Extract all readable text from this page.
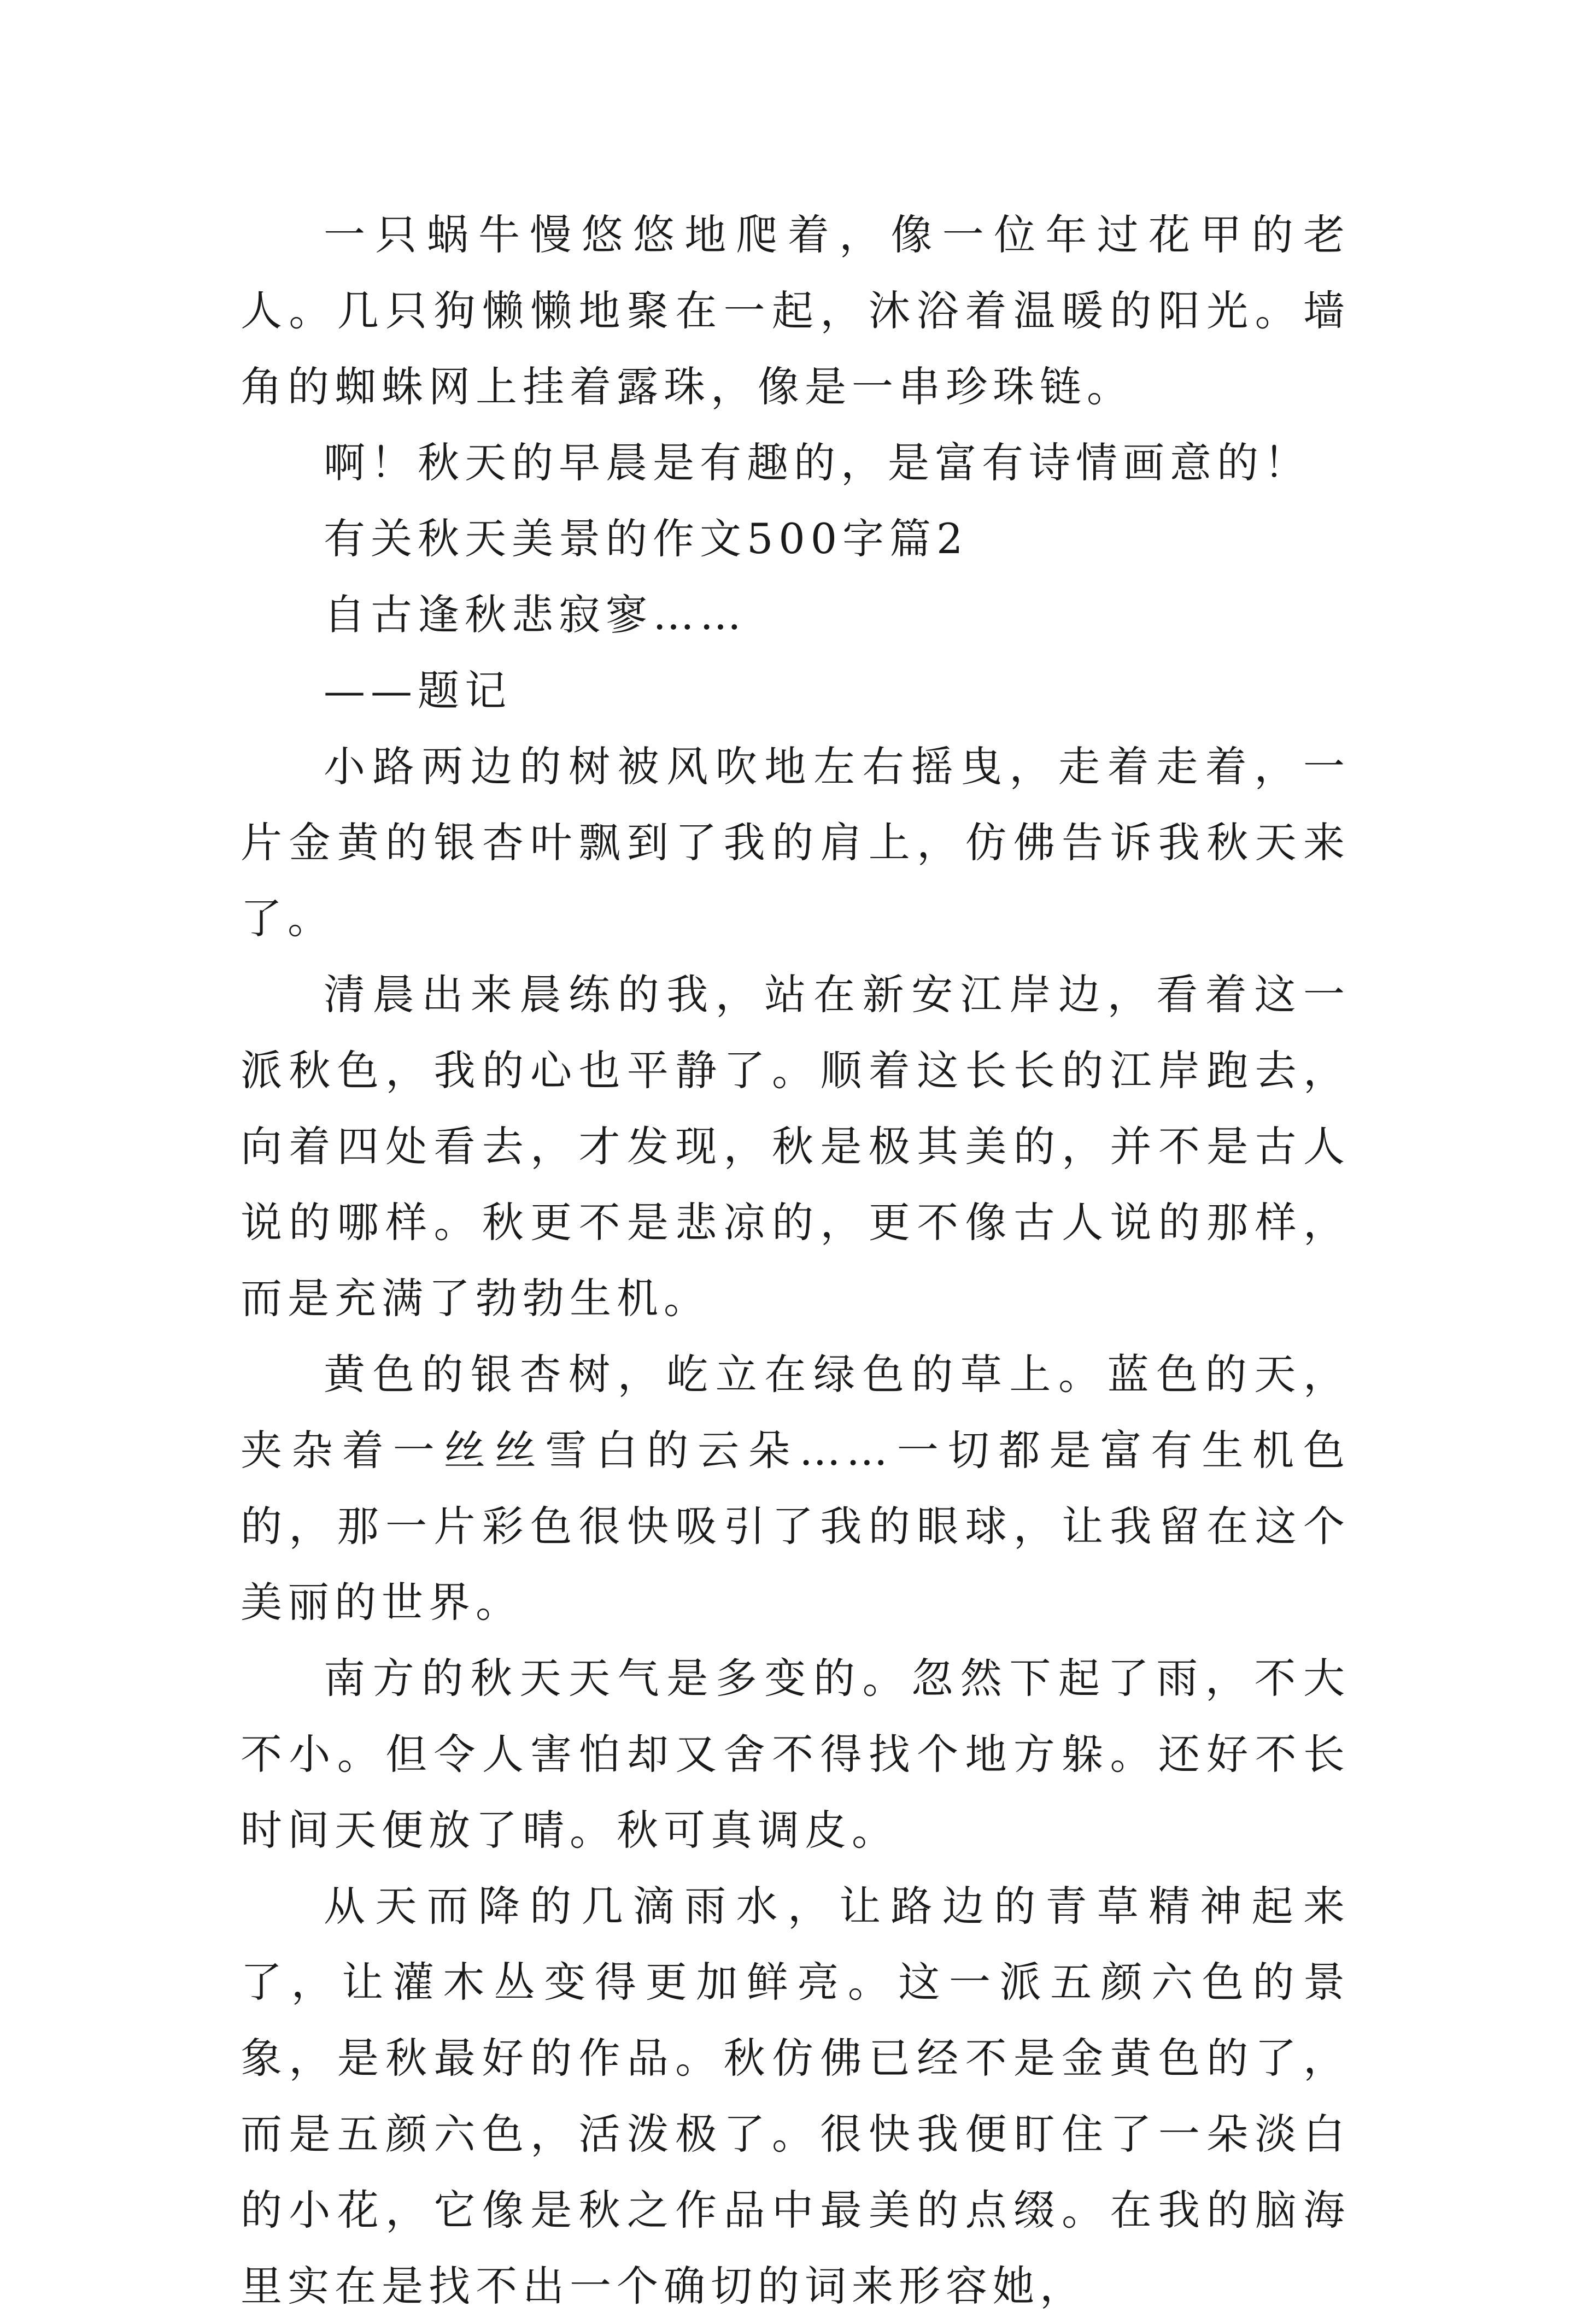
一只蜗牛慢悠悠地爬着，像一位年过花甲的老人。几只狗懒懒地聚在一起，沐浴着温暖的阳光。墙角的蜘蛛网上挂着露珠，像是一串珍珠链。

啊！秋天的早晨是有趣的，是富有诗情画意的！

有关秋天美景的作文500字篇2

自古逢秋悲寂寥……

——题记

小路两边的树被风吹地左右摇曳，走着走着，一片金黄的银杏叶飘到了我的肩上，仿佛告诉我秋天来了。

清晨出来晨练的我，站在新安江岸边，看着这一派秋色，我的心也平静了。顺着这长长的江岸跑去，向着四处看去，才发现，秋是极其美的，并不是古人说的哪样。秋更不是悲凉的，更不像古人说的那样，而是充满了勃勃生机。

黄色的银杏树，屹立在绿色的草上。蓝色的天，夹杂着一丝丝雪白的云朵……一切都是富有生机色的，那一片彩色很快吸引了我的眼球，让我留在这个美丽的世界。

南方的秋天天气是多变的。忽然下起了雨，不大不小。但令人害怕却又舍不得找个地方躲。还好不长时间天便放了晴。秋可真调皮。

从天而降的几滴雨水，让路边的青草精神起来了，让灌木丛变得更加鲜亮。这一派五颜六色的景象，是秋最好的作品。秋仿佛已经不是金黄色的了，而是五颜六色，活泼极了。很快我便盯住了一朵淡白的小花，它像是秋之作品中最美的点缀。在我的脑海里实在是找不出一个确切的词来形容她，
